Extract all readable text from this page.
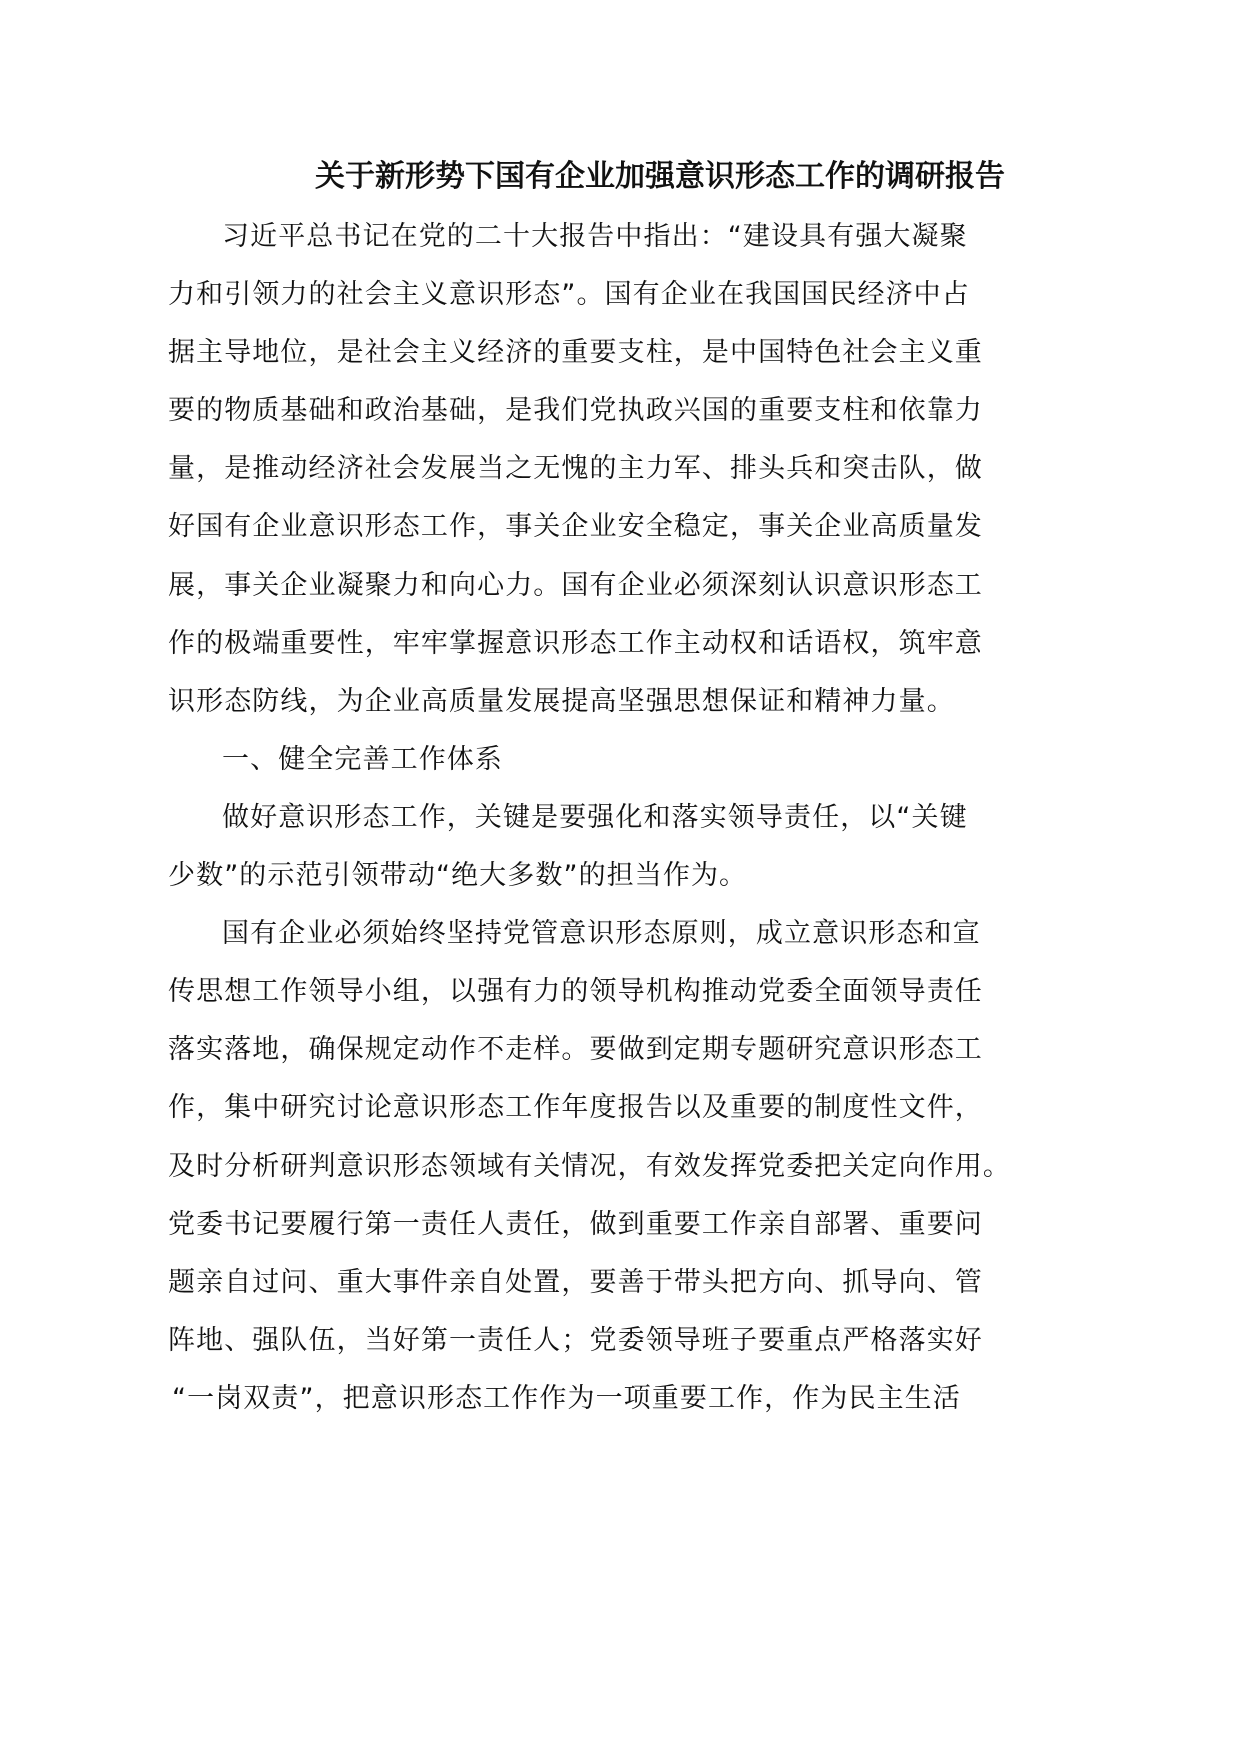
关于新形势下国有企业加强意识形态工作的调研报告
习近平总书记在党的二十大报告中指出：“建设具有强大凝聚
力和引领力的社会主义意识形态”。国有企业在我国国民经济中占
据主导地位，是社会主义经济的重要支柱，是中国特色社会主义重
要的物质基础和政治基础，是我们党执政兴国的重要支柱和依靠力
量，是推动经济社会发展当之无愧的主力军、排头兵和突击队，做
好国有企业意识形态工作，事关企业安全稳定，事关企业高质量发
展，事关企业凝聚力和向心力。国有企业必须深刻认识意识形态工
作的极端重要性，牢牢掌握意识形态工作主动权和话语权，筑牢意
识形态防线，为企业高质量发展提高坚强思想保证和精神力量。
一、健全完善工作体系
做好意识形态工作，关键是要强化和落实领导责任，以“关键
少数”的示范引领带动“绝大多数”的担当作为。
国有企业必须始终坚持党管意识形态原则，成立意识形态和宣
传思想工作领导小组，以强有力的领导机构推动党委全面领导责任
落实落地，确保规定动作不走样。要做到定期专题研究意识形态工
作，集中研究讨论意识形态工作年度报告以及重要的制度性文件，
及时分析研判意识形态领域有关情况，有效发挥党委把关定向作用。
党委书记要履行第一责任人责任，做到重要工作亲自部署、重要问
题亲自过问、重大事件亲自处置，要善于带头把方向、抓导向、管
阵地、强队伍，当好第一责任人；党委领导班子要重点严格落实好
“一岗双责”，把意识形态工作作为一项重要工作，作为民主生活
